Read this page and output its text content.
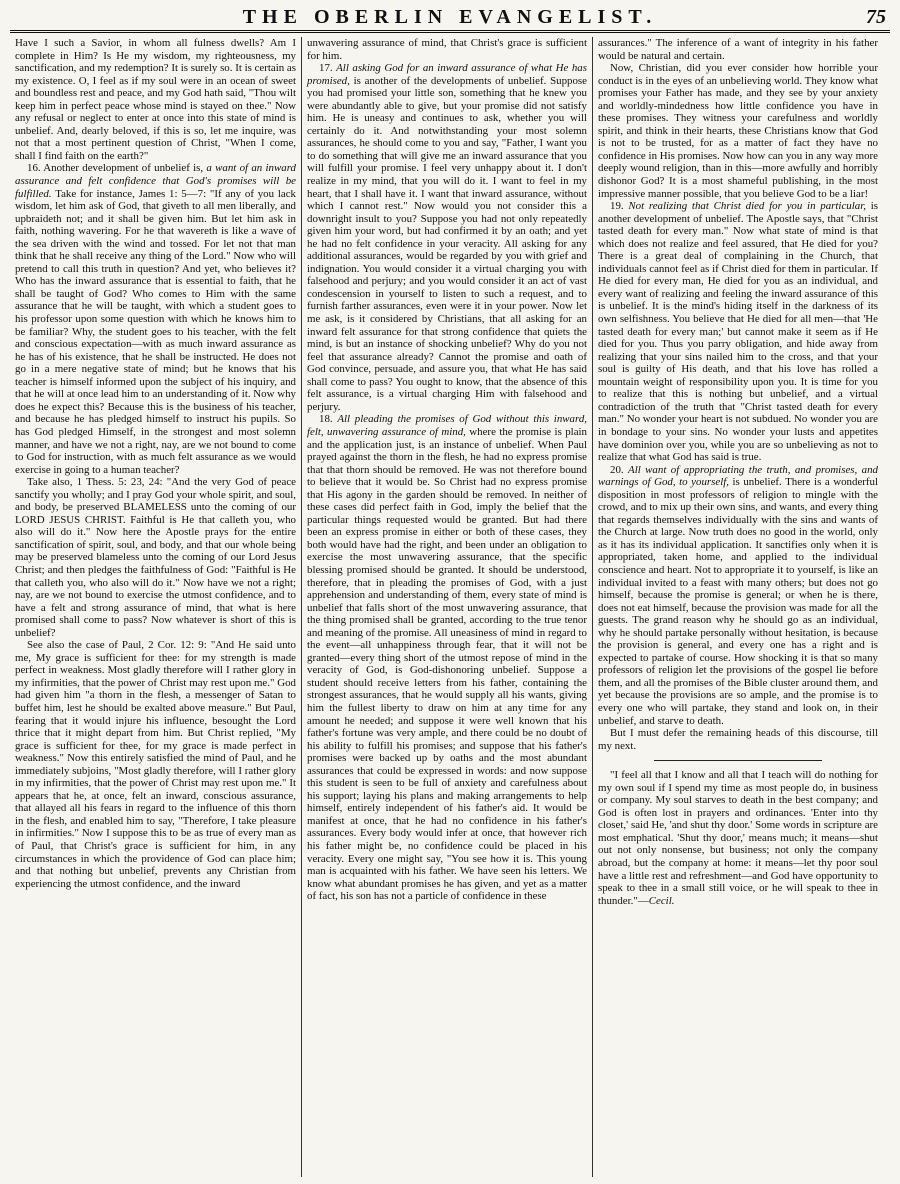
THE OBERLIN EVANGELIST.	75

Have I such a Savior, in whom all fulness dwells? Am I complete in Him? Is He my wisdom, my righteousness, my sanctification, and my redemption? It is surely so. It is certain as my existence. O, I feel as if my soul were in an ocean of sweet and boundless rest and peace, and my God hath said, "Thou wilt keep him in perfect peace whose mind is stayed on thee." Now any refusal or neglect to enter at once into this state of mind is unbelief. And, dearly beloved, if this is so, let me inquire, was not that a most pertinent question of Christ, "When I come, shall I find faith on the earth?"

16. Another development of unbelief is, a want of an inward assurance and felt confidence that God's promises will be fulfilled. Take for instance, James 1: 5—7: "If any of you lack wisdom, let him ask of God, that giveth to all men liberally, and upbraideth not; and it shall be given him. But let him ask in faith, nothing wavering. For he that wavereth is like a wave of the sea driven with the wind and tossed. For let not that man think that he shall receive any thing of the Lord." Now who will pretend to call this truth in question? And yet, who believes it? Who has the inward assurance that is essential to faith, that he shall be taught of God? Who comes to Him with the same assurance that he will be taught, with which a student goes to his professor upon some question with which he knows him to be familiar? Why, the student goes to his teacher, with the felt and conscious expectation—with as much inward assurance as he has of his existence, that he shall be instructed. He does not go in a mere negative state of mind; but he knows that his teacher is himself informed upon the subject of his inquiry, and that he will at once lead him to an understanding of it. Now why does he expect this? Because this is the business of his teacher, and because he has pledged himself to instruct his pupils. So has God pledged Himself, in the strongest and most solemn manner, and have we not a right, nay, are we not bound to come to God for instruction, with as much felt assurance as we would exercise in going to a human teacher?

Take also, 1 Thess. 5: 23, 24: "And the very God of peace sanctify you wholly; and I pray God your whole spirit, and soul, and body, be preserved BLAMELESS unto the coming of our LORD JESUS CHRIST. Faithful is He that calleth you, who also will do it." Now here the Apostle prays for the entire sanctification of spirit, soul, and body, and that our whole being may be preserved blameless unto the coming of our Lord Jesus Christ; and then pledges the faithfulness of God: "Faithful is He that calleth you, who also will do it." Now have we not a right; nay, are we not bound to exercise the utmost confidence, and to have a felt and strong assurance of mind, that what is here promised shall come to pass? Now whatever is short of this is unbelief?

See also the case of Paul, 2 Cor. 12: 9: "And He said unto me, My grace is sufficient for thee: for my strength is made perfect in weakness. Most gladly therefore will I rather glory in my infirmities, that the power of Christ may rest upon me." God had given him "a thorn in the flesh, a messenger of Satan to buffet him, lest he should be exalted above measure." But Paul, fearing that it would injure his influence, besought the Lord thrice that it might depart from him. But Christ replied, "My grace is sufficient for thee, for my grace is made perfect in weakness." Now this entirely satisfied the mind of Paul, and he immediately subjoins, "Most gladly therefore, will I rather glory in my infirmities, that the power of Christ may rest upon me." It appears that he, at once, felt an inward, conscious assurance, that allayed all his fears in regard to the influence of this thorn in the flesh, and enabled him to say, "Therefore, I take pleasure in infirmities." Now I suppose this to be as true of every man as of Paul, that Christ's grace is sufficient for him, in any circumstances in which the providence of God can place him; and that nothing but unbelief, prevents any Christian from experiencing the utmost confidence, and the inward

unwavering assurance of mind, that Christ's grace is sufficient for him.

17. All asking God for an inward assurance of what He has promised, is another of the developments of unbelief. Suppose you had promised your little son, something that he knew you were abundantly able to give, but your promise did not satisfy him. He is uneasy and continues to ask, whether you will certainly do it. And notwithstanding your most solemn assurances, he should come to you and say, "Father, I want you to do something that will give me an inward assurance that you will fulfill your promise. I feel very unhappy about it. I don't realize in my mind, that you will do it. I want to feel in my heart, that I shall have it. I want that inward assurance, without which I cannot rest." Now would you not consider this a downright insult to you? Suppose you had not only repeatedly given him your word, but had confirmed it by an oath; and yet he had no felt confidence in your veracity. All asking for any additional assurances, would be regarded by you with grief and indignation. You would consider it a virtual charging you with falsehood and perjury; and you would consider it an act of vast condescension in yourself to listen to such a request, and to furnish farther assurances, even were it in your power. Now let me ask, is it considered by Christians, that all asking for an inward felt assurance for that strong confidence that quiets the mind, is but an instance of shocking unbelief? Why do you not feel that assurance already? Cannot the promise and oath of God convince, persuade, and assure you, that what He has said shall come to pass? You ought to know, that the absence of this felt assurance, is a virtual charging Him with falsehood and perjury.

18. All pleading the promises of God without this inward, felt, unwavering assurance of mind, where the promise is plain and the application just, is an instance of unbelief. When Paul prayed against the thorn in the flesh, he had no express promise that that thorn should be removed. He was not therefore bound to believe that it would be. So Christ had no express promise that His agony in the garden should be removed. In neither of these cases did perfect faith in God, imply the belief that the particular things requested would be granted. But had there been an express promise in either or both of these cases, they both would have had the right, and been under an obligation to exercise the most unwavering assurance, that the specific blessing promised should be granted. It should be understood, therefore, that in pleading the promises of God, with a just apprehension and understanding of them, every state of mind is unbelief that falls short of the most unwavering assurance, that the thing promised shall be granted, according to the true tenor and meaning of the promise. All uneasiness of mind in regard to the event—all unhappiness through fear, that it will not be granted—every thing short of the utmost repose of mind in the veracity of God, is God-dishonoring unbelief. Suppose a student should receive letters from his father, containing the strongest assurances, that he would supply all his wants, giving him the fullest liberty to draw on him at any time for any amount he needed; and suppose it were well known that his father's fortune was very ample, and there could be no doubt of his ability to fulfill his promises; and suppose that his father's promises were backed up by oaths and the most abundant assurances that could be expressed in words: and now suppose this student is seen to be full of anxiety and carefulness about his support; laying his plans and making arrangements to help himself, entirely independent of his father's aid. It would be manifest at once, that he had no confidence in his father's assurances. Every body would infer at once, that however rich his father might be, no confidence could be placed in his veracity. Every one might say, "You see how it is. This young man is acquainted with his father. We have seen his letters. We know what abundant promises he has given, and yet as a matter of fact, his son has not a particle of confidence in these

assurances." The inference of a want of integrity in his father would be natural and certain.

Now, Christian, did you ever consider how horrible your conduct is in the eyes of an unbelieving world. They know what promises your Father has made, and they see by your anxiety and worldly-mindedness how little confidence you have in these promises. They witness your carefulness and worldly spirit, and think in their hearts, these Christians know that God is not to be trusted, for as a matter of fact they have no confidence in His promises. Now how can you in any way more deeply wound religion, than in this—more awfully and horribly dishonor God? It is a most shameful publishing, in the most impressive manner possible, that you believe God to be a liar!

19. Not realizing that Christ died for you in particular, is another development of unbelief. The Apostle says, that "Christ tasted death for every man." Now what state of mind is that which does not realize and feel assured, that He died for you? There is a great deal of complaining in the Church, that individuals cannot feel as if Christ died for them in particular. If He died for every man, He died for you as an individual, and every want of realizing and feeling the inward assurance of this is unbelief. It is the mind's hiding itself in the darkness of its own selfishness. You believe that He died for all men—that 'He tasted death for every man;' but cannot make it seem as if He died for you. Thus you parry obligation, and hide away from realizing that your sins nailed him to the cross, and that your soul is guilty of His death, and that his love has rolled a mountain weight of responsibility upon you. It is time for you to realize that this is nothing but unbelief, and a virtual contradiction of the truth that "Christ tasted death for every man." No wonder your heart is not subdued. No wonder you are in bondage to your sins. No wonder your lusts and appetites have dominion over you, while you are so unbelieving as not to realize that what God has said is true.

20. All want of appropriating the truth, and promises, and warnings of God, to yourself, is unbelief. There is a wonderful disposition in most professors of religion to mingle with the crowd, and to mix up their own sins, and wants, and every thing that regards themselves individually with the sins and wants of the Church at large. Now truth does no good in the world, only as it has its individual application. It sanctifies only when it is appropriated, taken home, and applied to the individual conscience and heart. Not to appropriate it to yourself, is like an individual invited to a feast with many others; but does not go himself, because the promise is general; or when he is there, does not eat himself, because the provision was made for all the guests. The grand reason why he should go as an individual, why he should partake personally without hesitation, is because the provision is general, and every one has a right and is expected to partake of course. How shocking it is that so many professors of religion let the provisions of the gospel lie before them, and all the promises of the Bible cluster around them, and yet because the provisions are so ample, and the promise is to every one who will partake, they stand and look on, in their unbelief, and starve to death.

But I must defer the remaining heads of this discourse, till my next.

"I feel all that I know and all that I teach will do nothing for my own soul if I spend my time as most people do, in business or company. My soul starves to death in the best company; and God is often lost in prayers and ordinances. 'Enter into thy closet,' said He, 'and shut thy door.' Some words in scripture are most emphatical. 'Shut thy door,' means much; it means—shut out not only nonsense, but business; not only the company abroad, but the company at home: it means—let thy poor soul have a little rest and refreshment—and God have opportunity to speak to thee in a small still voice, or he will speak to thee in thunder."—Cecil.
